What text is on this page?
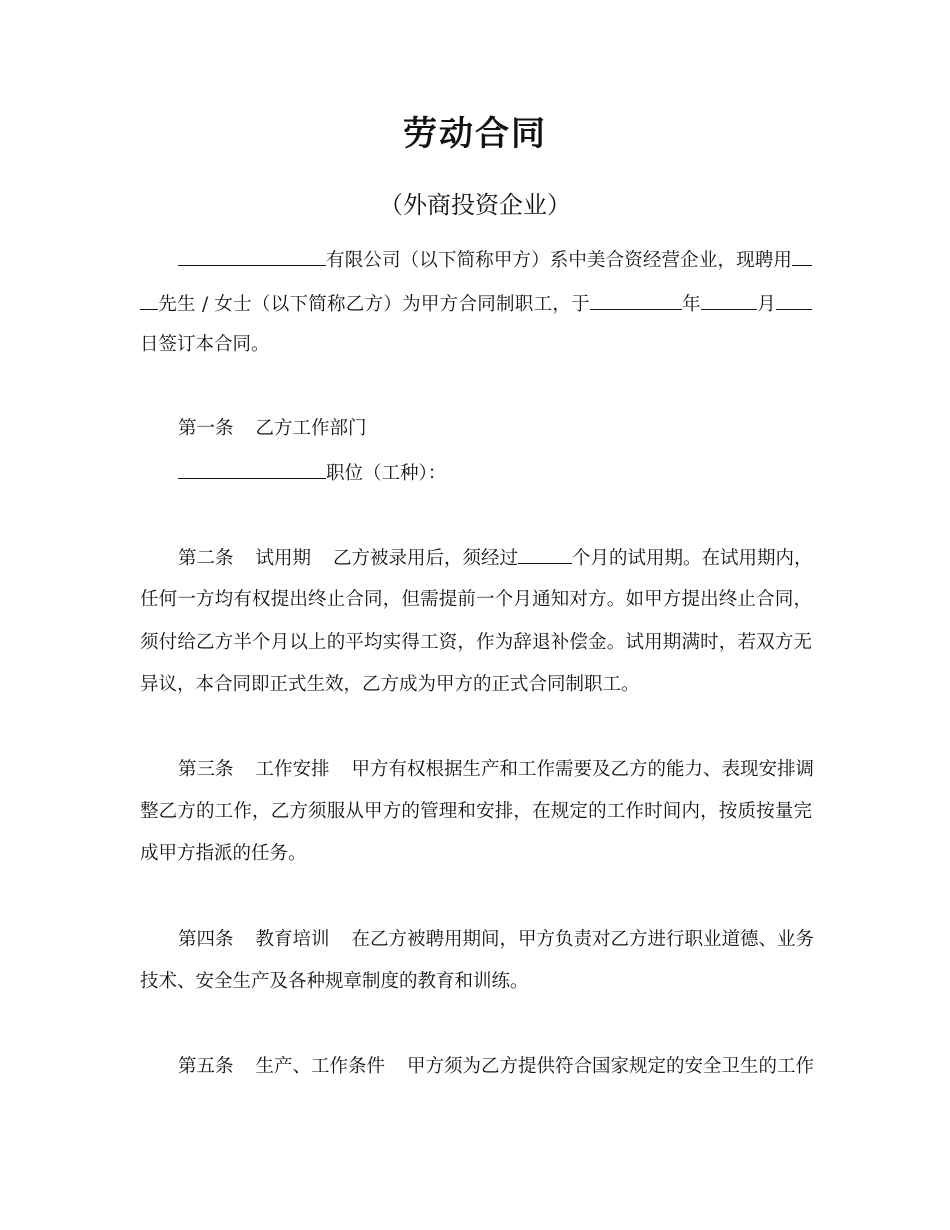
劳动合同
（外商投资企业）
有限公司（以下简称甲方）系中美合资经营企业，现聘用
先生 / 女士（以下简称乙方）为甲方合同制职工，于	年	月
日签订本合同。
第一条 乙方工作部门
职位（工种）：
第二条 试用期 乙方被录用后，须经过	个月的试用期。在试用期内，
任何一方均有权提出终止合同，但需提前一个月通知对方。如甲方提出终止合同，
须付给乙方半个月以上的平均实得工资，作为辞退补偿金。试用期满时，若双方无
异议，本合同即正式生效，乙方成为甲方的正式合同制职工。
第三条 工作安排 甲方有权根据生产和工作需要及乙方的能力、表现安排调
整乙方的工作，乙方须服从甲方的管理和安排，在规定的工作时间内，按质按量完
成甲方指派的任务。
第四条 教育培训 在乙方被聘用期间，甲方负责对乙方进行职业道德、业务
技术、安全生产及各种规章制度的教育和训练。
第五条 生产、工作条件 甲方须为乙方提供符合国家规定的安全卫生的工作
